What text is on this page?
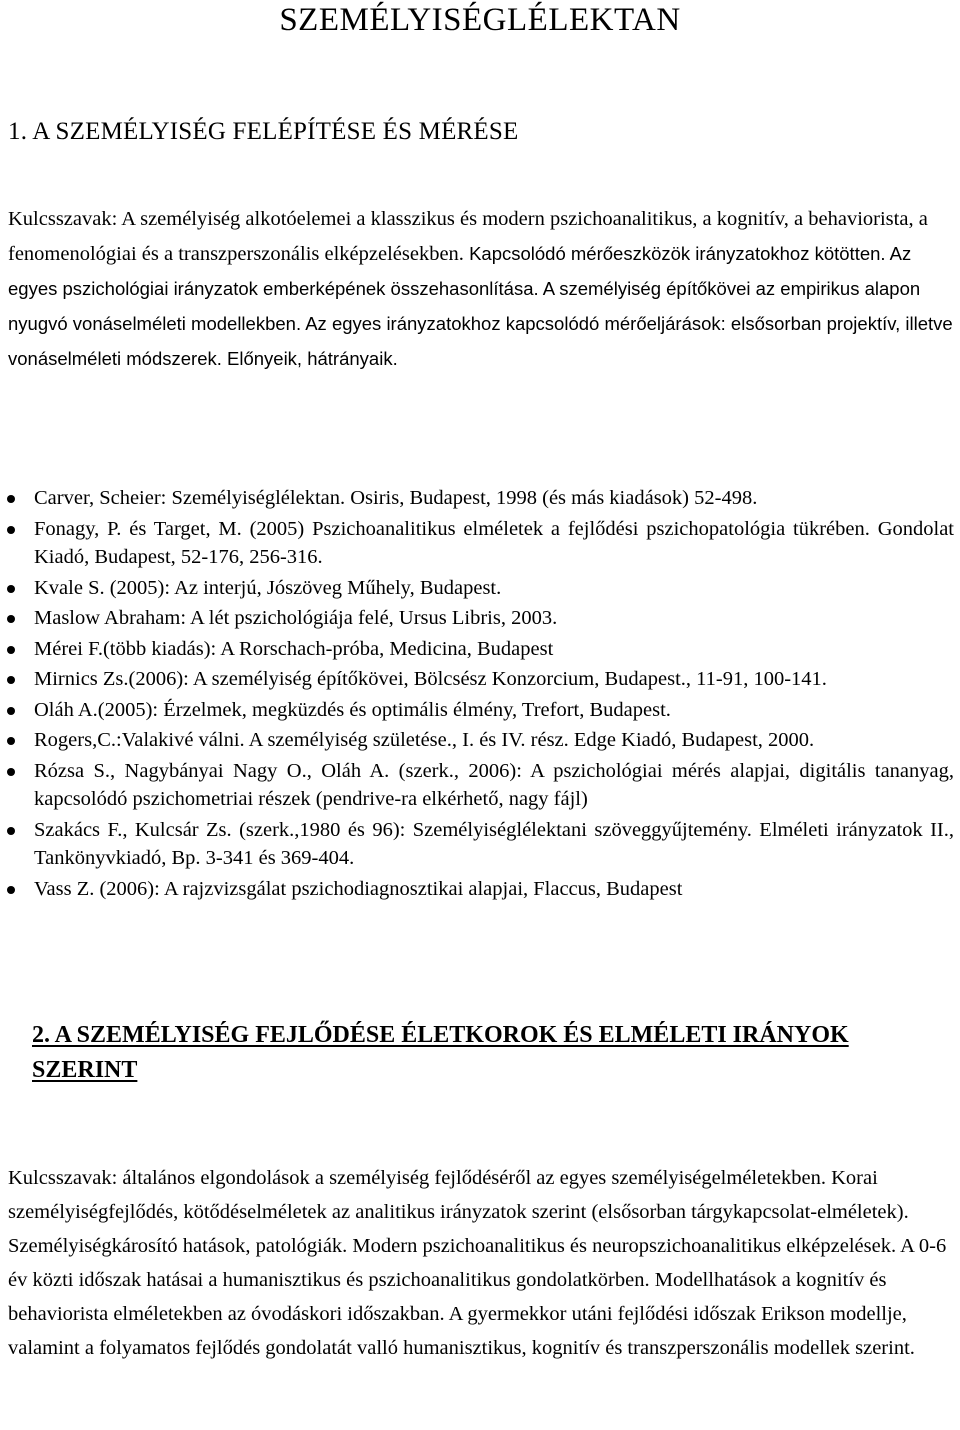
SZEMÉLYISÉGLÉLEKTAN
1. A SZEMÉLYISÉG FELÉPÍTÉSE ÉS MÉRÉSE

Kulcsszavak: A személyiség alkotóelemei a klasszikus és modern pszichoanalitikus, a kognitív, a behaviorista, a fenomenológiai és a transzperszonális elképzelésekben. Kapcsolódó mérőeszközök irányzatokhoz kötötten. Az egyes pszichológiai irányzatok emberképének összehasonlítása. A személyiség építőkövei az empirikus alapon nyugvó vonáselméleti modellekben. Az egyes irányzatokhoz kapcsolódó mérőeljárások: elsősorban projektív, illetve vonáselméleti módszerek. Előnyeik, hátrányaik.

Carver, Scheier: Személyiséglélektan. Osiris, Budapest, 1998 (és más kiadások) 52-498.
Fonagy, P. és Target, M. (2005) Pszichoanalitikus elméletek a fejlődési pszichopatológia tükrében. Gondolat Kiadó, Budapest, 52-176, 256-316.
Kvale S. (2005): Az interjú, Jószöveg Műhely, Budapest.
Maslow Abraham: A lét pszichológiája felé, Ursus Libris, 2003.
Mérei F.(több kiadás): A Rorschach-próba, Medicina, Budapest
Mirnics Zs.(2006): A személyiség építőkövei, Bölcsész Konzorcium, Budapest., 11-91, 100-141.
Oláh A.(2005): Érzelmek, megküzdés és optimális élmény, Trefort, Budapest.
Rogers,C.:Valakivé válni. A személyiség születése., I. és IV. rész. Edge Kiadó, Budapest, 2000.
Rózsa S., Nagybányai Nagy O., Oláh A. (szerk., 2006): A pszichológiai mérés alapjai, digitális tananyag, kapcsolódó pszichometriai részek (pendrive-ra elkérhető, nagy fájl)
Szakács F., Kulcsár Zs. (szerk.,1980 és 96): Személyiséglélektani szöveggyűjtemény. Elméleti irányzatok II., Tankönyvkiadó, Bp. 3-341 és 369-404.
Vass Z. (2006): A rajzvizsgálat pszichodiagnosztikai alapjai, Flaccus, Budapest
2. A SZEMÉLYISÉG FEJLŐDÉSE ÉLETKOROK ÉS ELMÉLETI IRÁNYOK SZERINT

Kulcsszavak: általános elgondolások a személyiség fejlődéséről az egyes személyiségelméletekben. Korai személyiségfejlődés, kötődéselméletek az analitikus irányzatok szerint (elsősorban tárgykapcsolat-elméletek). Személyiségkárosító hatások, patológiák. Modern pszichoanalitikus és neuropszichoanalitikus elképzelések. A 0-6 év közti időszak hatásai a humanisztikus és pszichoanalitikus gondolatkörben. Modellhatások a kognitív és behaviorista elméletekben az óvodáskori időszakban. A gyermekkor utáni fejlődési időszak Erikson modellje, valamint a folyamatos fejlődés gondolatát valló humanisztikus, kognitív és transzperszonális modellek szerint.
